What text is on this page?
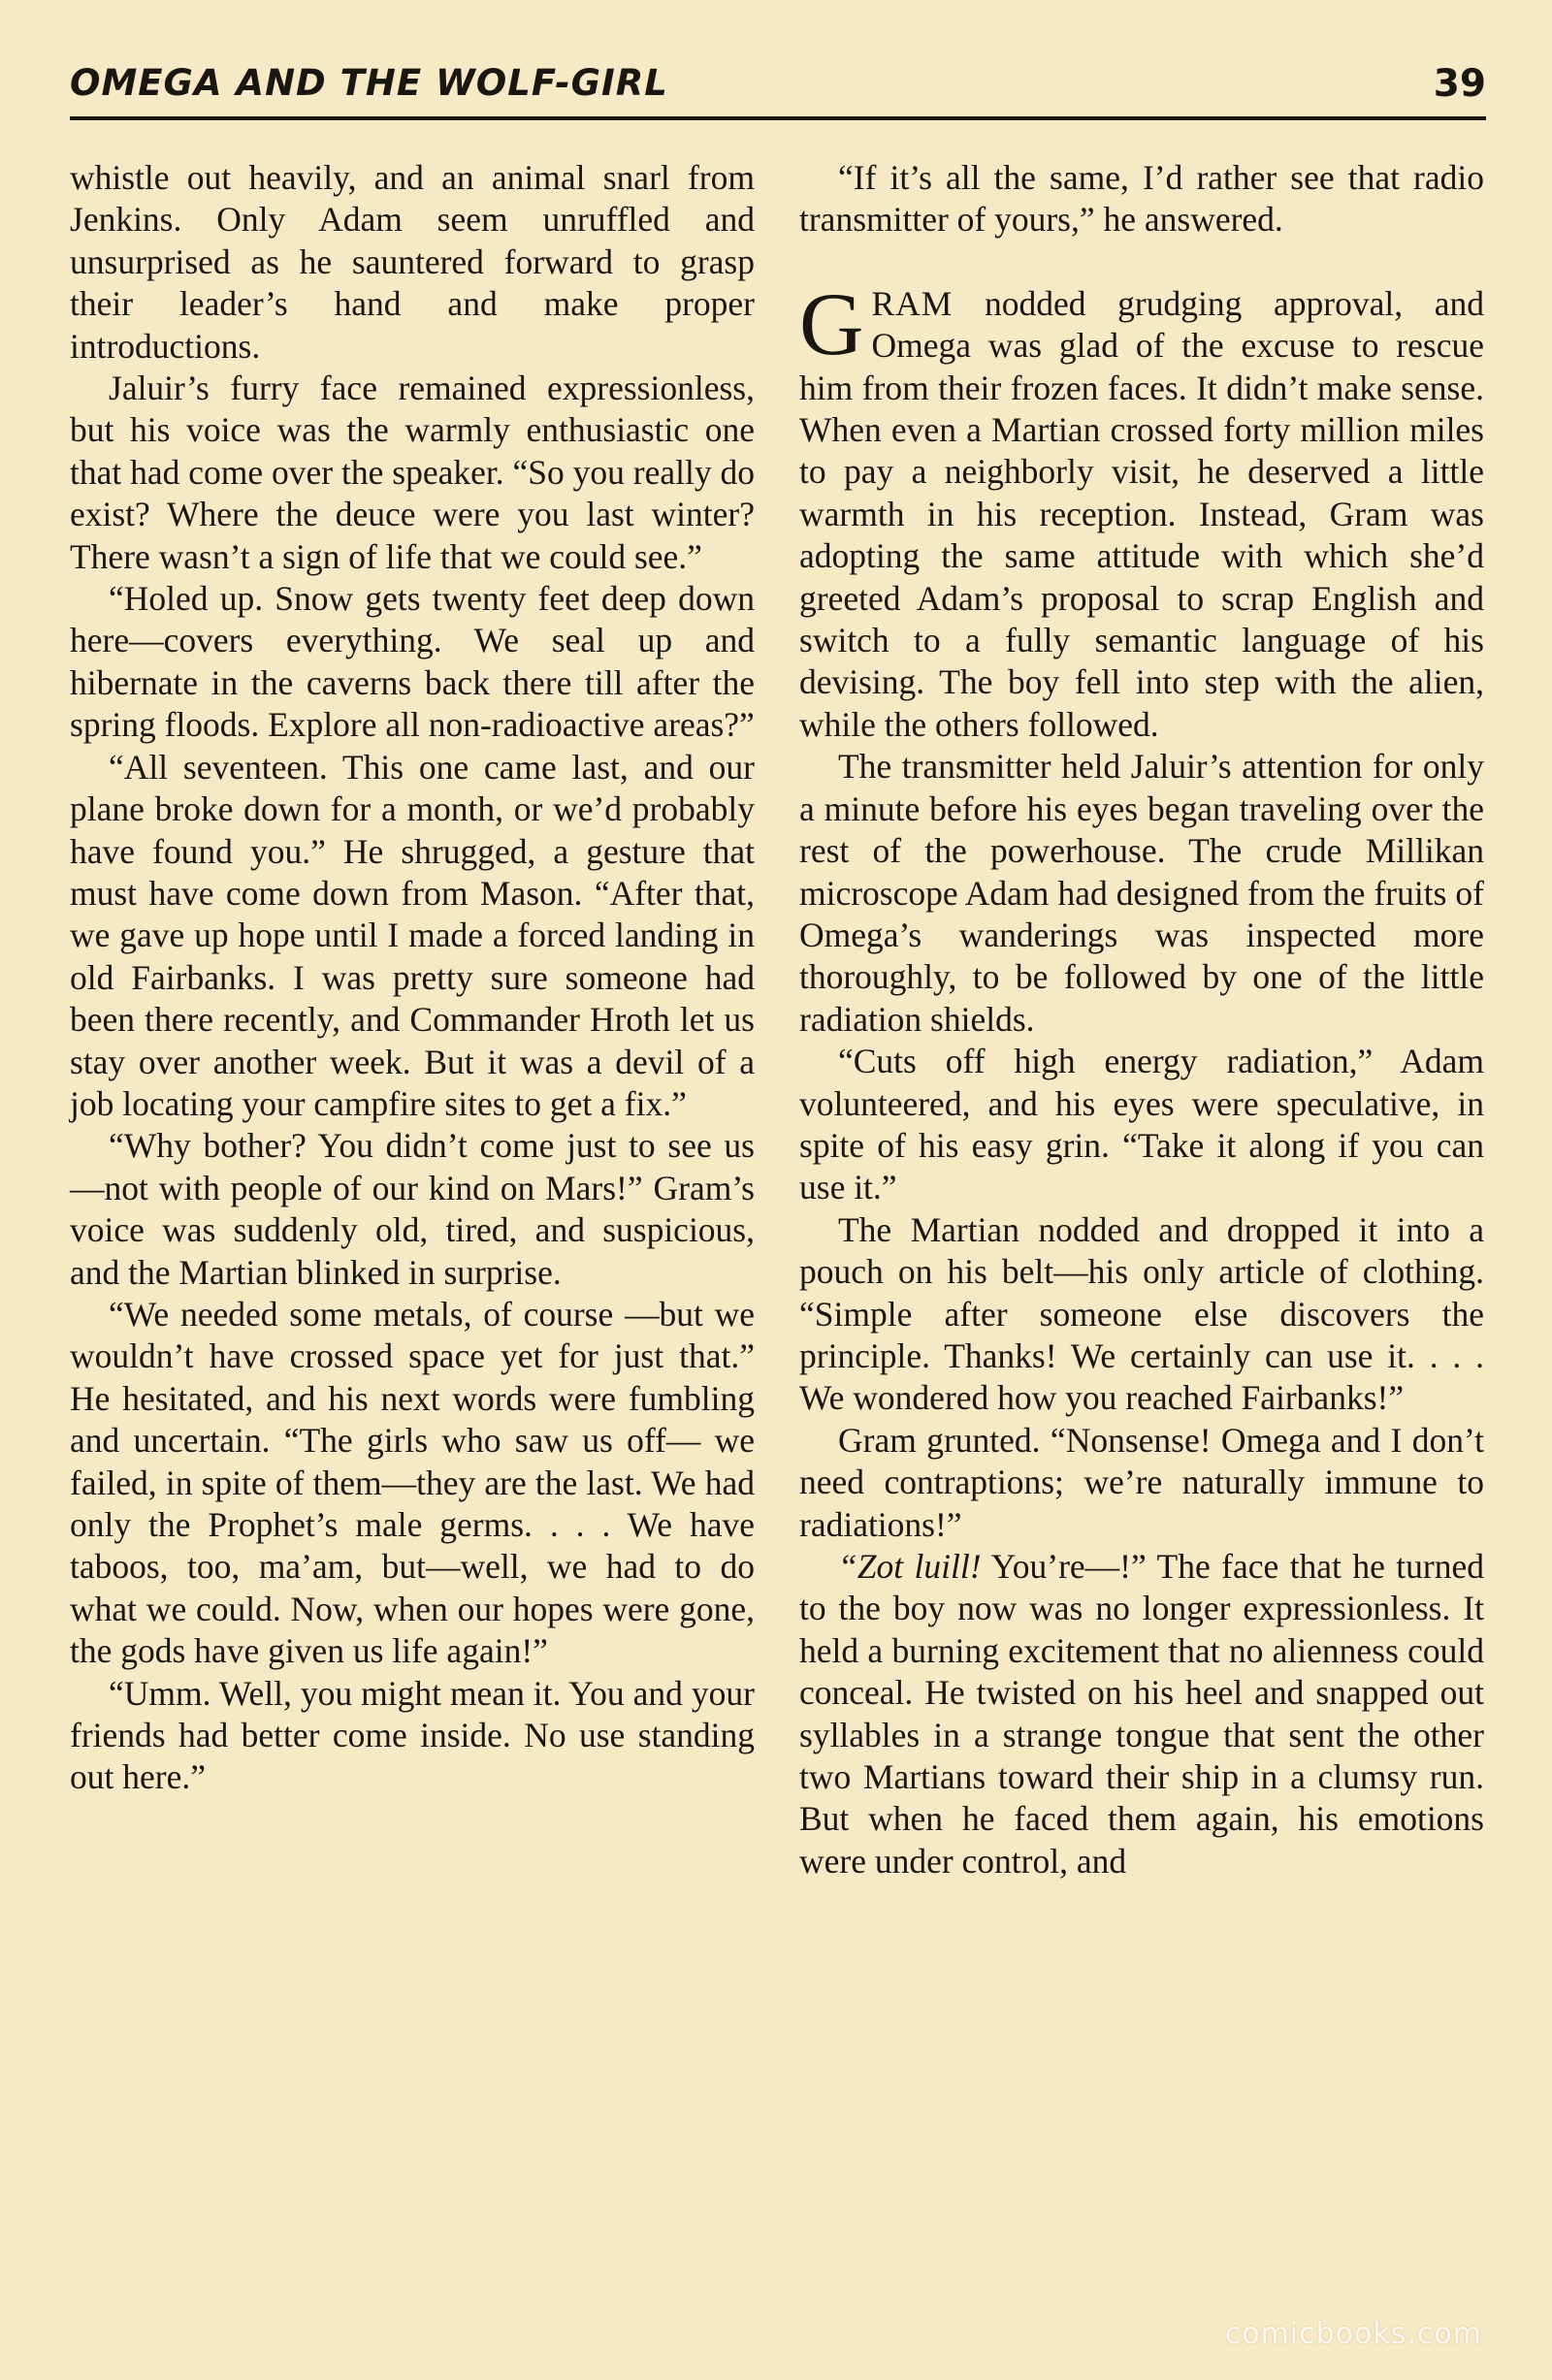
OMEGA AND THE WOLF-GIRL	39

whistle out heavily, and an animal snarl from Jenkins. Only Adam seem unruffled and unsurprised as he sauntered forward to grasp their leader’s hand and make proper introductions.

Jaluir’s furry face remained expressionless, but his voice was the warmly enthusiastic one that had come over the speaker. “So you really do exist? Where the deuce were you last winter? There wasn’t a sign of life that we could see.”

“Holed up. Snow gets twenty feet deep down here—covers everything. We seal up and hibernate in the caverns back there till after the spring floods. Explore all non-radioactive areas?”

“All seventeen. This one came last, and our plane broke down for a month, or we’d probably have found you.” He shrugged, a gesture that must have come down from Mason. “After that, we gave up hope until I made a forced landing in old Fairbanks. I was pretty sure someone had been there recently, and Commander Hroth let us stay over another week. But it was a devil of a job locating your campfire sites to get a fix.”

“Why bother? You didn’t come just to see us—not with people of our kind on Mars!” Gram’s voice was suddenly old, tired, and suspicious, and the Martian blinked in surprise.

“We needed some metals, of course —but we wouldn’t have crossed space yet for just that.” He hesitated, and his next words were fumbling and uncertain. “The girls who saw us off— we failed, in spite of them—they are the last. We had only the Prophet’s male germs. . . . We have taboos, too, ma’am, but—well, we had to do what we could. Now, when our hopes were gone, the gods have given us life again!”

“Umm. Well, you might mean it. You and your friends had better come inside. No use standing out here.”

“If it’s all the same, I’d rather see that radio transmitter of yours,” he answered.

GRAM nodded grudging approval, and Omega was glad of the excuse to rescue him from their frozen faces. It didn’t make sense. When even a Martian crossed forty million miles to pay a neighborly visit, he deserved a little warmth in his reception. Instead, Gram was adopting the same attitude with which she’d greeted Adam’s proposal to scrap English and switch to a fully semantic language of his devising. The boy fell into step with the alien, while the others followed.

The transmitter held Jaluir’s attention for only a minute before his eyes began traveling over the rest of the powerhouse. The crude Millikan microscope Adam had designed from the fruits of Omega’s wanderings was inspected more thoroughly, to be followed by one of the little radiation shields.

“Cuts off high energy radiation,” Adam volunteered, and his eyes were speculative, in spite of his easy grin. “Take it along if you can use it.”

The Martian nodded and dropped it into a pouch on his belt—his only article of clothing. “Simple after someone else discovers the principle. Thanks! We certainly can use it. . . . We wondered how you reached Fairbanks!”

Gram grunted. “Nonsense! Omega and I don’t need contraptions; we’re naturally immune to radiations!”

“Zot luill! You’re—!” The face that he turned to the boy now was no longer expressionless. It held a burning excitement that no alienness could conceal. He twisted on his heel and snapped out syllables in a strange tongue that sent the other two Martians toward their ship in a clumsy run. But when he faced them again, his emotions were under control, and

comicbooks.com
